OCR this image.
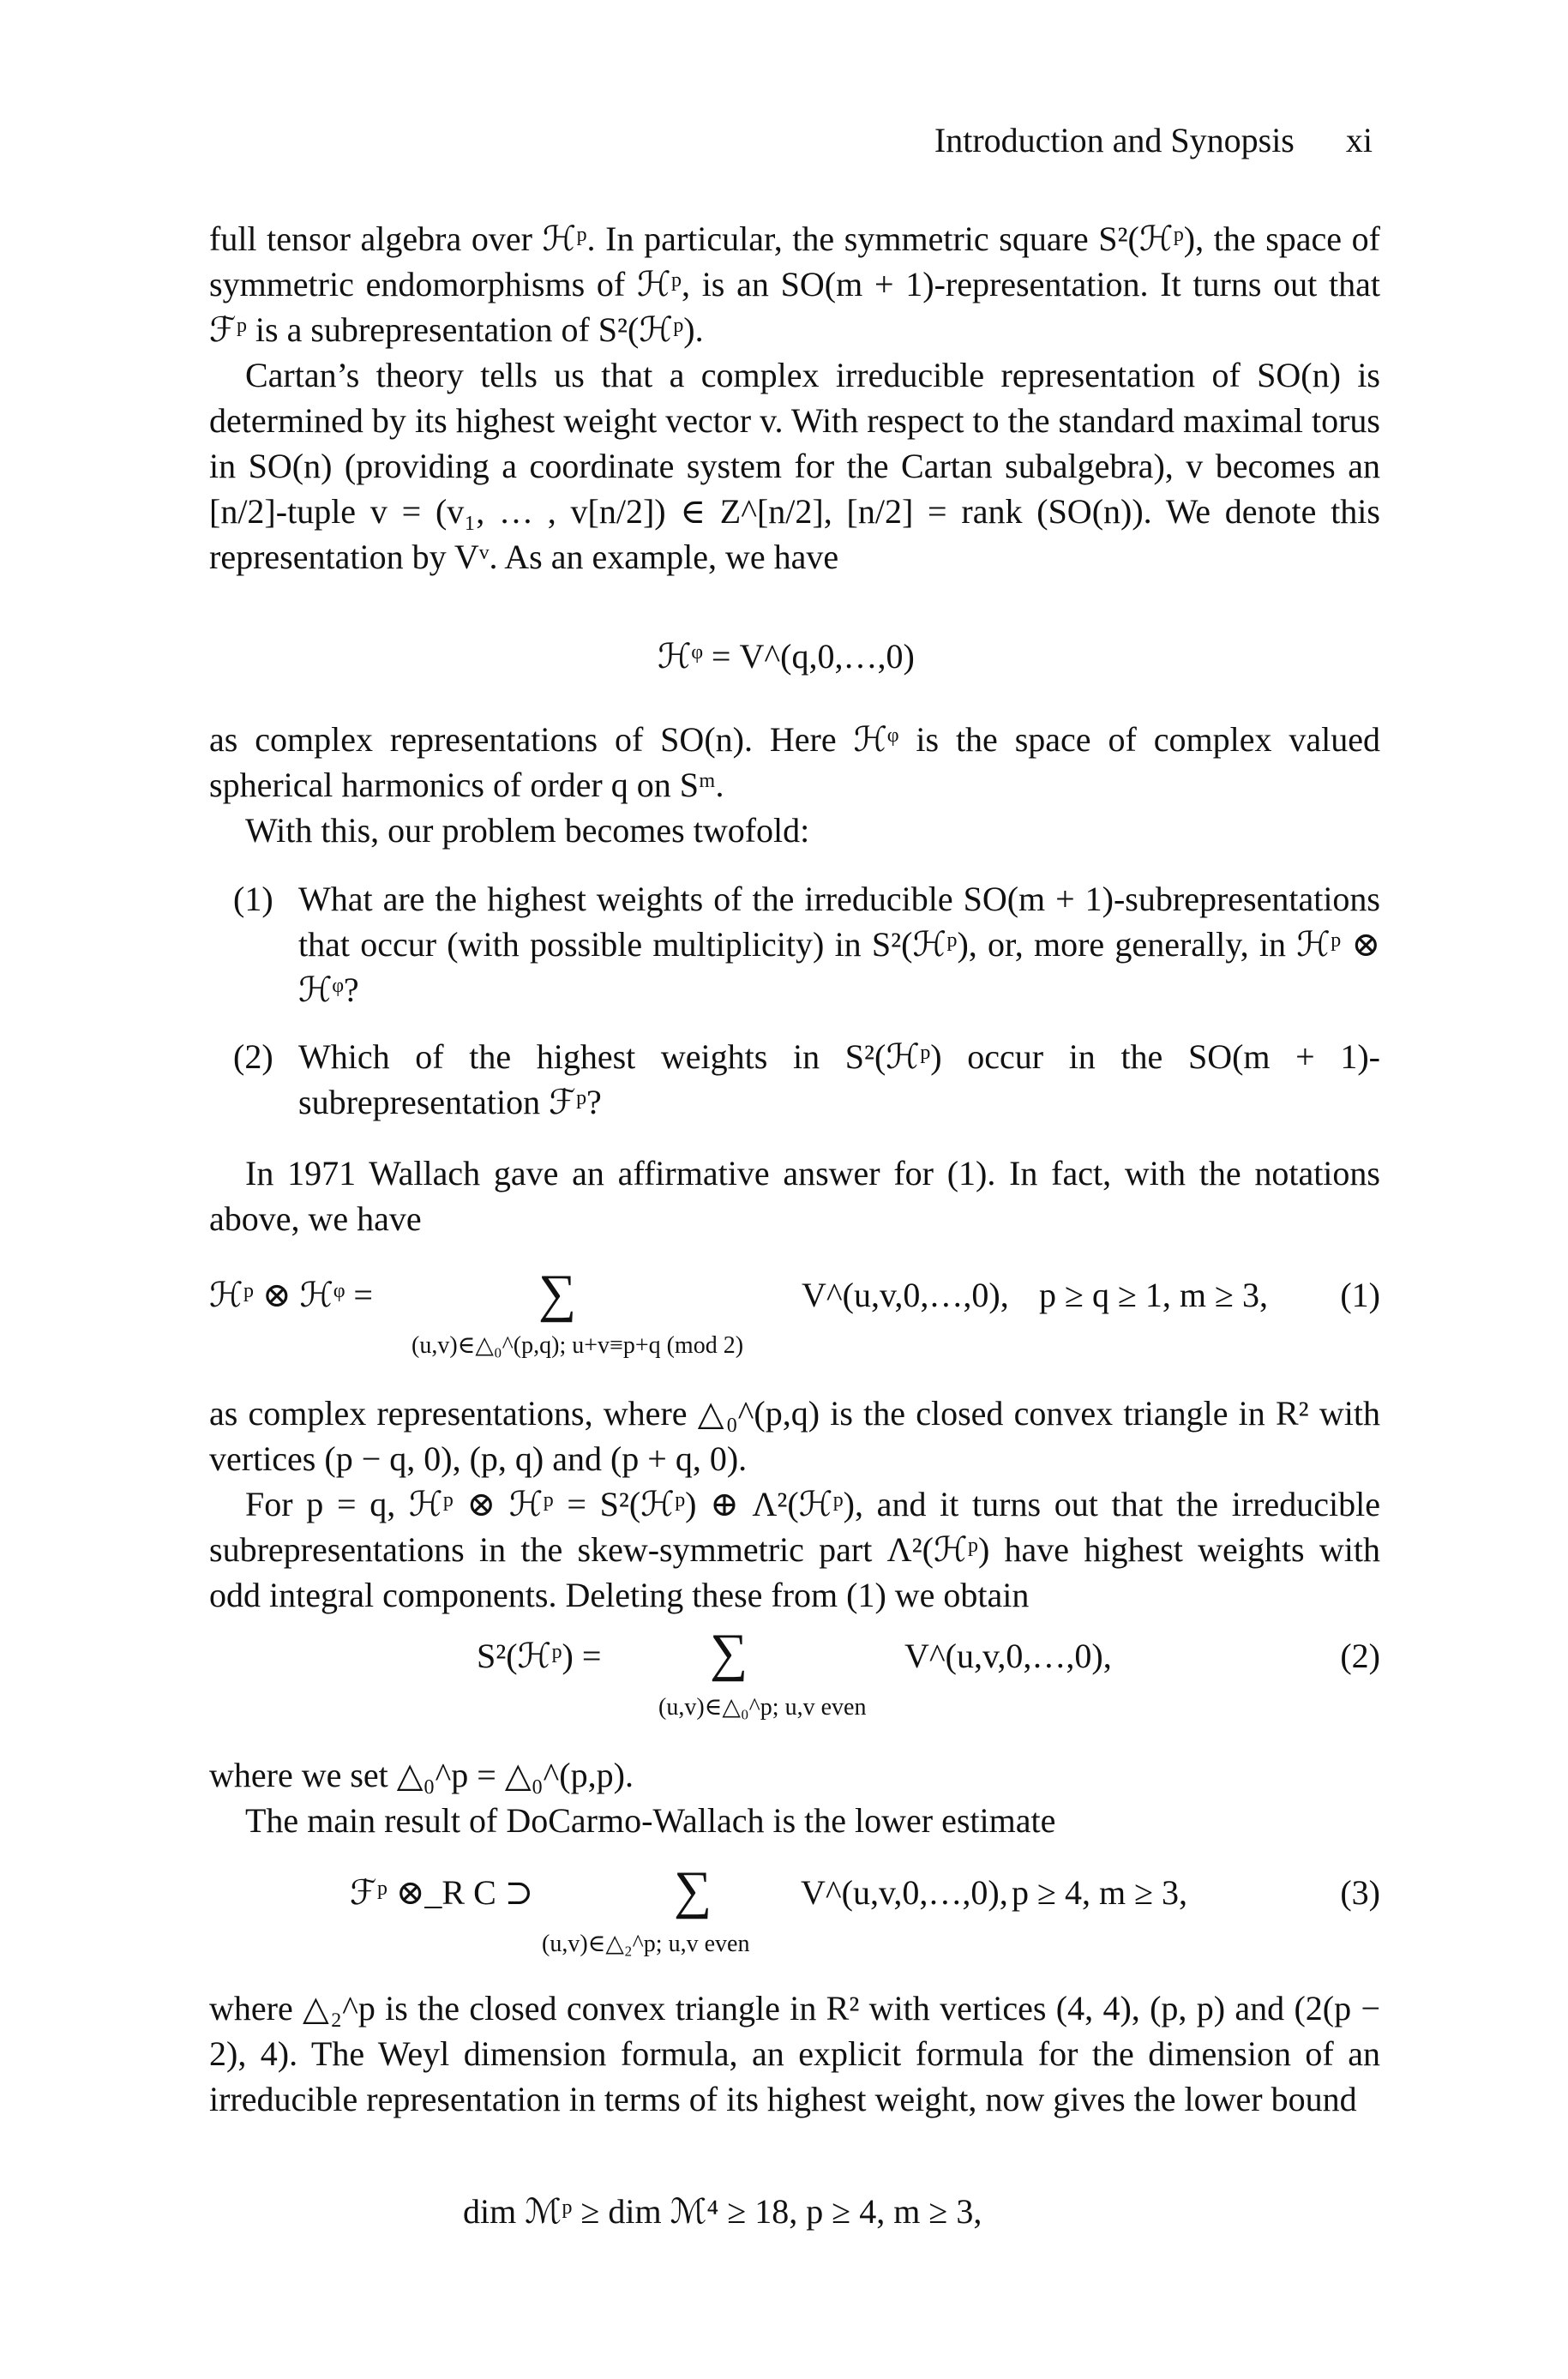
Introduction and Synopsis xi

full tensor algebra over ℋᵖ. In particular, the symmetric square S²(ℋᵖ), the space of symmetric endomorphisms of ℋᵖ, is an SO(m + 1)-representation. It turns out that ℱᵖ is a subrepresentation of S²(ℋᵖ).

Cartan’s theory tells us that a complex irreducible representation of SO(n) is determined by its highest weight vector v. With respect to the standard maximal torus in SO(n) (providing a coordinate system for the Cartan subalgebra), v becomes an [n/2]-tuple v = (v₁, … , v[n/2]) ∈ Z^[n/2], [n/2] = rank (SO(n)). We denote this representation by Vᵛ. As an example, we have

ℋᵠ = V^(q,0,…,0)

as complex representations of SO(n). Here ℋᵠ is the space of complex valued spherical harmonics of order q on Sᵐ.

With this, our problem becomes twofold:

(1) What are the highest weights of the irreducible SO(m + 1)-subrepresentations that occur (with possible multiplicity) in S²(ℋᵖ), or, more generally, in ℋᵖ ⊗ ℋᵠ?
(2) Which of the highest weights in S²(ℋᵖ) occur in the SO(m + 1)-subrepresentation ℱᵖ?

In 1971 Wallach gave an affirmative answer for (1). In fact, with the notations above, we have

ℋᵖ ⊗ ℋᵠ =	∑
(u,v)∈△₀^(p,q); u+v≡p+q (mod 2)
V^(u,v,0,…,0), p ≥ q ≥ 1, m ≥ 3, (1)

as complex representations, where △₀^(p,q) is the closed convex triangle in R² with vertices (p − q, 0), (p, q) and (p + q, 0).

For p = q, ℋᵖ ⊗ ℋᵖ = S²(ℋᵖ) ⊕ Λ²(ℋᵖ), and it turns out that the irreducible subrepresentations in the skew-symmetric part Λ²(ℋᵖ) have highest weights with odd integral components. Deleting these from (1) we obtain

S²(ℋᵖ) = ∑
(u,v)∈△₀^p; u,v even
V^(u,v,0,…,0),	(2)

where we set △₀^p = △₀^(p,p).

The main result of DoCarmo-Wallach is the lower estimate

ℱᵖ ⊗_R C ⊃	∑
(u,v)∈△₂^p; u,v even
V^(u,v,0,…,0), p ≥ 4, m ≥ 3,	(3)

where △₂^p is the closed convex triangle in R² with vertices (4, 4), (p, p) and (2(p − 2), 4). The Weyl dimension formula, an explicit formula for the dimension of an irreducible representation in terms of its highest weight, now gives the lower bound

dim ℳᵖ ≥ dim ℳ⁴ ≥ 18, p ≥ 4, m ≥ 3,
